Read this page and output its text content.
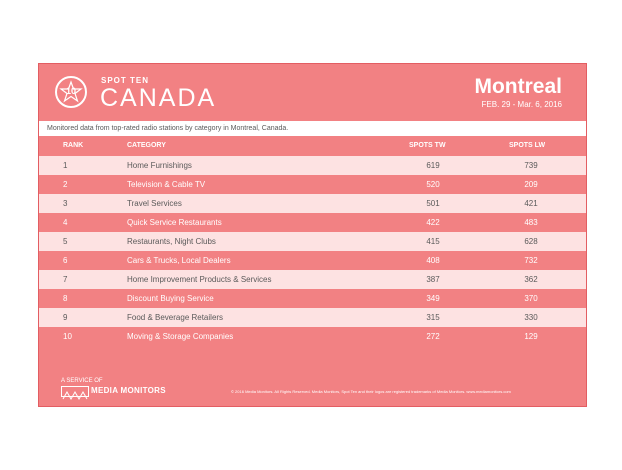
10
SPOT TEN
CANADA	Montreal
FEB. 29 - Mar. 6, 2016
Monitored data from top-rated radio stations by category in Montreal, Canada.
RANK	CATEGORY	SPOTS TW	SPOTS LW
1	Home Furnishings	619	739
2	Television & Cable TV	520	209
3	Travel Services	501	421
4	Quick Service Restaurants	422	483
5	Restaurants, Night Clubs	415	628
6	Cars & Trucks, Local Dealers	408	732
7	Home Improvement Products & Services	387	362
8	Discount Buying Service	349	370
9	Food & Beverage Retailers	315	330
10	Moving & Storage Companies	272	129
A SERVICE OF
MEDIA MONITORS	© 2016 Media Monitors. All Rights Reserved. Media Monitors, Spot Ten and their logos are registered trademarks of Media Monitors. www.mediamonitors.com
